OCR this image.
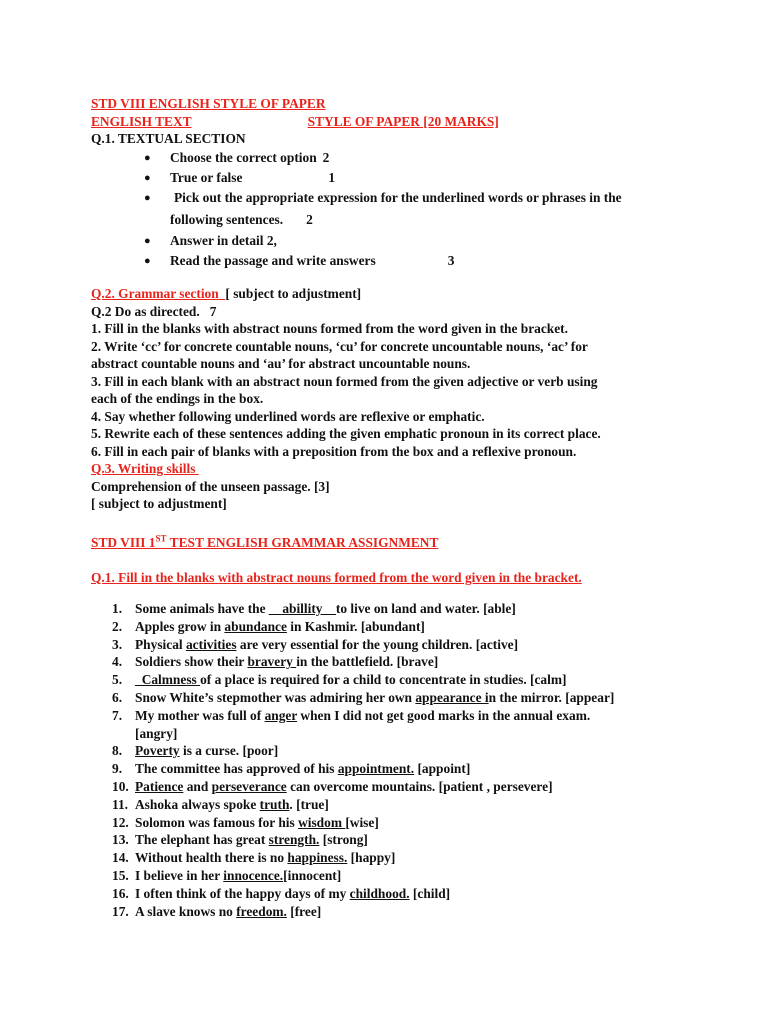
STD VIII ENGLISH STYLE OF PAPER
ENGLISH TEXT	STYLE OF PAPER [20 MARKS]
Q.1. TEXTUAL SECTION
● Choose the correct option 2
● True or false	1
● Pick out the appropriate expression for the underlined words or phrases in the
following sentences. 2
● Answer in detail 2,
● Read the passage and write answers	3
Q.2. Grammar section [ subject to adjustment]
Q.2 Do as directed. 7
1. Fill in the blanks with abstract nouns formed from the word given in the bracket.
2. Write ‘cc’ for concrete countable nouns, ‘cu’ for concrete uncountable nouns, ‘ac’ for
abstract countable nouns and ‘au’ for abstract uncountable nouns.
3. Fill in each blank with an abstract noun formed from the given adjective or verb using
each of the endings in the box.
4. Say whether following underlined words are reflexive or emphatic.
5. Rewrite each of these sentences adding the given emphatic pronoun in its correct place.
6. Fill in each pair of blanks with a preposition from the box and a reflexive pronoun.
Q.3. Writing skills
Comprehension of the unseen passage. [3]
[ subject to adjustment]
STD VIII 1ST TEST ENGLISH GRAMMAR ASSIGNMENT
Q.1. Fill in the blanks with abstract nouns formed from the word given in the bracket.
1. Some animals have the __abillity__to live on land and water. [able]
2. Apples grow in abundance in Kashmir. [abundant]
3. Physical activities are very essential for the young children. [active]
4. Soldiers show their bravery in the battlefield. [brave]
5. _Calmness of a place is required for a child to concentrate in studies. [calm]
6. Snow White’s stepmother was admiring her own appearance in the mirror. [appear]
7. My mother was full of anger when I did not get good marks in the annual exam.
[angry]
8. Poverty is a curse. [poor]
9. The committee has approved of his appointment. [appoint]
10. Patience and perseverance can overcome mountains. [patient , persevere]
11. Ashoka always spoke truth. [true]
12. Solomon was famous for his wisdom [wise]
13. The elephant has great strength. [strong]
14. Without health there is no happiness. [happy]
15. I believe in her innocence.[innocent]
16. I often think of the happy days of my childhood. [child]
17. A slave knows no freedom. [free]
